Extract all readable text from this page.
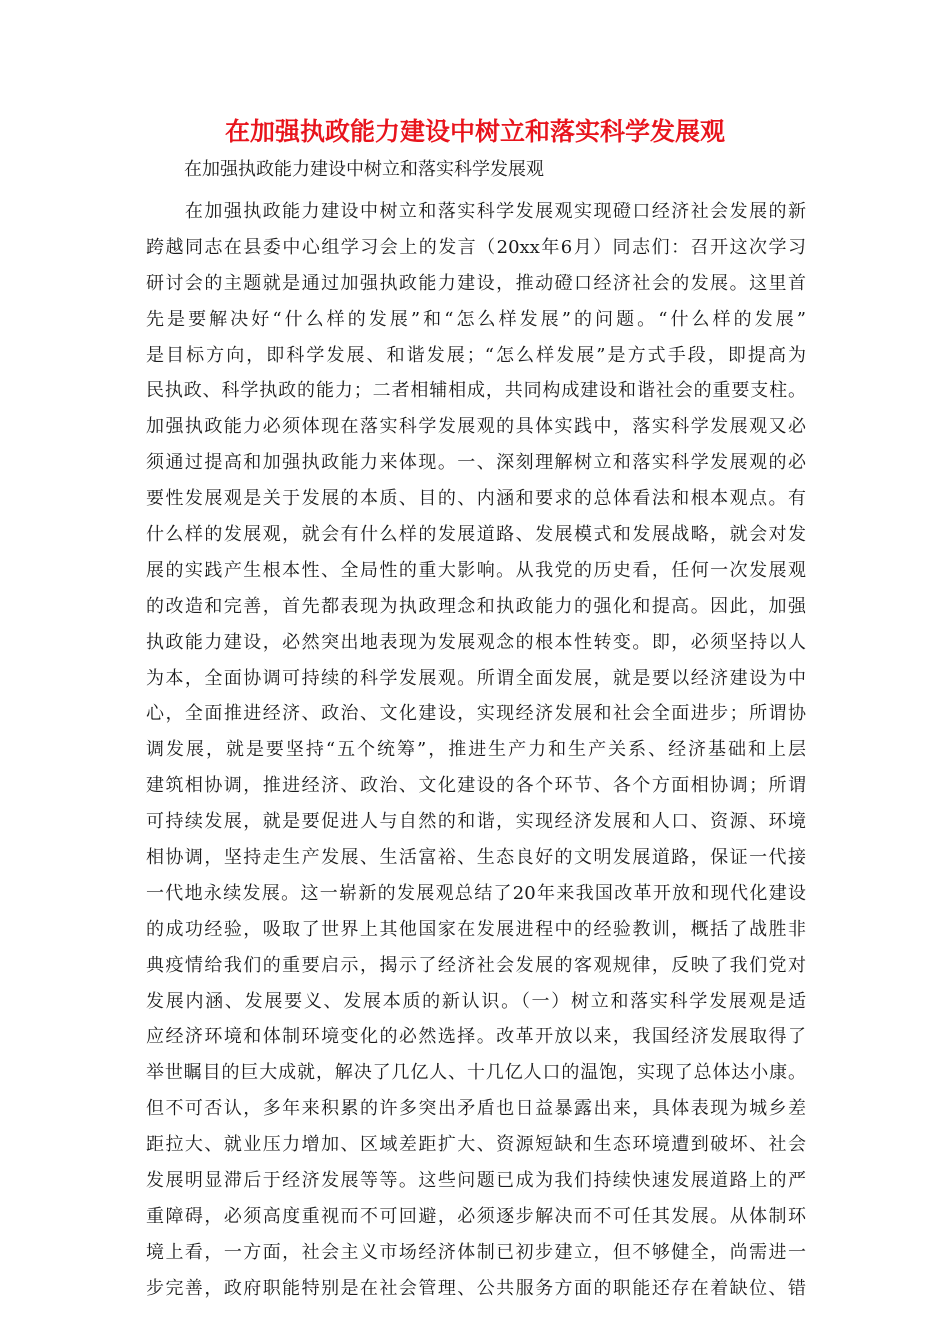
在加强执政能力建设中树立和落实科学发展观
在加强执政能力建设中树立和落实科学发展观
　　在加强执政能力建设中树立和落实科学发展观实现磴口经济社会发展的新
跨越同志在县委中心组学习会上的发言（20xx年6月）同志们：召开这次学习
研讨会的主题就是通过加强执政能力建设，推动磴口经济社会的发展。这里首
先是要解决好“什么样的发展”和“怎么样发展”的问题。“什么样的发展”
是目标方向，即科学发展、和谐发展；“怎么样发展”是方式手段，即提高为
民执政、科学执政的能力；二者相辅相成，共同构成建设和谐社会的重要支柱。
加强执政能力必须体现在落实科学发展观的具体实践中，落实科学发展观又必
须通过提高和加强执政能力来体现。一、深刻理解树立和落实科学发展观的必
要性发展观是关于发展的本质、目的、内涵和要求的总体看法和根本观点。有
什么样的发展观，就会有什么样的发展道路、发展模式和发展战略，就会对发
展的实践产生根本性、全局性的重大影响。从我党的历史看，任何一次发展观
的改造和完善，首先都表现为执政理念和执政能力的强化和提高。因此，加强
执政能力建设，必然突出地表现为发展观念的根本性转变。即，必须坚持以人
为本，全面协调可持续的科学发展观。所谓全面发展，就是要以经济建设为中
心，全面推进经济、政治、文化建设，实现经济发展和社会全面进步；所谓协
调发展，就是要坚持“五个统筹”，推进生产力和生产关系、经济基础和上层
建筑相协调，推进经济、政治、文化建设的各个环节、各个方面相协调；所谓
可持续发展，就是要促进人与自然的和谐，实现经济发展和人口、资源、环境
相协调，坚持走生产发展、生活富裕、生态良好的文明发展道路，保证一代接
一代地永续发展。这一崭新的发展观总结了20年来我国改革开放和现代化建设
的成功经验，吸取了世界上其他国家在发展进程中的经验教训，概括了战胜非
典疫情给我们的重要启示，揭示了经济社会发展的客观规律，反映了我们党对
发展内涵、发展要义、发展本质的新认识。（一）树立和落实科学发展观是适
应经济环境和体制环境变化的必然选择。改革开放以来，我国经济发展取得了
举世瞩目的巨大成就，解决了几亿人、十几亿人口的温饱，实现了总体达小康。
但不可否认，多年来积累的许多突出矛盾也日益暴露出来，具体表现为城乡差
距拉大、就业压力增加、区域差距扩大、资源短缺和生态环境遭到破坏、社会
发展明显滞后于经济发展等等。这些问题已成为我们持续快速发展道路上的严
重障碍，必须高度重视而不可回避，必须逐步解决而不可任其发展。从体制环
境上看，一方面，社会主义市场经济体制已初步建立，但不够健全，尚需进一
步完善，政府职能特别是在社会管理、公共服务方面的职能还存在着缺位、错
